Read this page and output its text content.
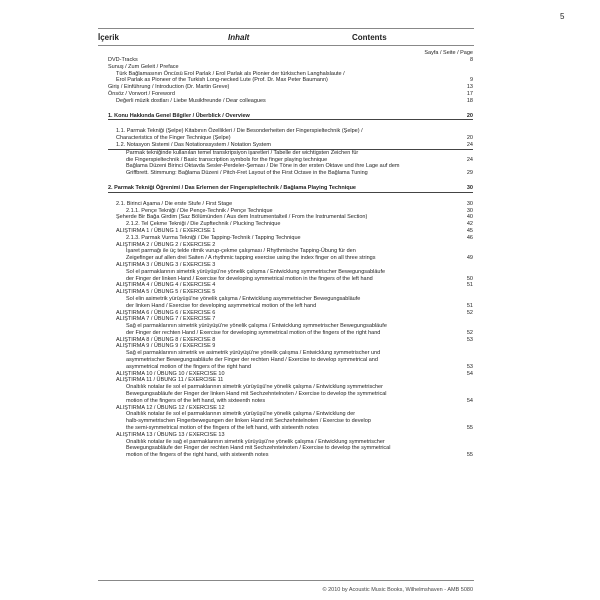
5
İçerik	Inhalt	Contents
Sayfa / Seite / Page
DVD-Tracks	8
Sunuş / Zum Geleit / Preface
Türk Bağlamasının Öncüsü Erol Parlak / Erol Parlak als Pionier der türkischen Langhalslaute /
Erol Parlak as Pioneer of the Turkish Long-necked Lute (Prof. Dr. Max Peter Baumann)	9
Giriş / Einführung / Introduction (Dr. Martin Greve)	13
Önsöz / Vorwort / Foreword	17
Değerli müzik dostları / Liebe Musikfreunde / Dear colleagues	18
1. Konu Hakkında Genel Bilgiler / Überblick / Overview	20
1.1. Parmak Tekniği (Şelpe) Kitabının Özellikleri / Die Besonderheiten der Fingerspieltechnik (Şelpe) /
Characteristics of the Finger Technique (Şelpe)	20
1.2. Notasyon Sistemi / Das Notationssystem / Notation System	24
Parmak tekniğinde kullanılan temel transkripsiyon işaretleri / Tabelle der wichtigsten Zeichen für
die Fingerspieltechnik / Basic transcription symbols for the finger playing technique	24
Bağlama Düzeni Birinci Oktavda Sesler-Perdeler-Şeması / Die Töne in der ersten Oktave und ihre Lage auf dem
Griffbrett. Stimmung: Bağlama Düzeni / Pitch-Fret Layout of the First Octave in the Bağlama Tuning	29
2. Parmak Tekniği Öğrenimi / Das Erlernen der Fingerspieltechnik / Bağlama Playing Technique	30
2.1. Birinci Aşama / Die erste Stufe / First Stage	30
2.1.1. Pençe Tekniği / Die Pençe-Technik / Pençe Technique	30
Şeherde Bir Bağa Girdim (Saz Bölümünden / Aus dem Instrumentalteil / From the Instrumental Section)	40
2.1.2. Tel Çekme Tekniği / Die Zupftechnik / Plucking Technique	42
ALIŞTIRMA 1 / ÜBUNG 1 / EXERCISE 1	45
2.1.3. Parmak Vurma Tekniği / Die Tapping-Technik / Tapping Technique	46
ALIŞTIRMA 2 / ÜBUNG 2 / EXERCISE 2
İşaret parmağı ile üç telde ritmik vurup-çekme çalışması / Rhythmische Tapping-Übung für den
Zeigefinger auf allen drei Saiten / A rhythmic tapping exercise using the index finger on all three strings	49
ALIŞTIRMA 3 / ÜBUNG 3 / EXERCISE 3
Sol el parmaklarının simetrik yürüyüşü'ne yönelik çalışma / Entwicklung symmetrischer Bewegungsabläufe
der Finger der linken Hand / Exercise for developing symmetrical motion in the fingers of the left hand	50
ALIŞTIRMA 4 / ÜBUNG 4 / EXERCISE 4	51
ALIŞTIRMA 5 / ÜBUNG 5 / EXERCISE 5
Sol elin asimetrik yürüyüşü'ne yönelik çalışma / Entwicklung asymmetrischer Bewegungsabläufe
der linken Hand / Exercise for developing asymmetrical motion of the left hand	51
ALIŞTIRMA 6 / ÜBUNG 6 / EXERCISE 6	52
ALIŞTIRMA 7 / ÜBUNG 7 / EXERCISE 7
Sağ el parmaklarının simetrik yürüyüşü'ne yönelik çalışma / Entwicklung symmetrischer Bewegungsabläufe
der Finger der rechten Hand / Exercise for developing symmetrical motion of the fingers of the right hand	52
ALIŞTIRMA 8 / ÜBUNG 8 / EXERCISE 8	53
ALIŞTIRMA 9 / ÜBUNG 9 / EXERCISE 9
Sağ el parmaklarının simetrik ve asimetrik yürüyüşü'ne yönelik çalışma / Entwicklung symmetrischer und
asymmetrischer Bewegungsabläufe der Finger der rechten Hand / Exercise to develop symmetrical and
asymmetrical motion of the fingers of the right hand	53
ALIŞTIRMA 10 / ÜBUNG 10 / EXERCISE 10	54
ALIŞTIRMA 11 / ÜBUNG 11 / EXERCISE 11
Onaltılık notalar ile sol el parmaklarının simetrik yürüyüşü'ne yönelik çalışma / Entwicklung symmetrischer
Bewegungsabläufe der Finger der linken Hand mit Sechzehntelnoten / Exercise to develop the symmetrical
motion of the fingers of the left hand, with sixteenth notes	54
ALIŞTIRMA 12 / ÜBUNG 12 / EXERCISE 12
Onaltılık notalar ile sol el parmaklarının simetrik yürüyüşü'ne yönelik çalışma / Entwicklung der
halb-symmetrischen Fingerbewegungen der linken Hand mit Sechzehntelnoten / Exercise to develop
the semi-symmetrical motion of the fingers of the left hand, with sixteenth notes	55
ALIŞTIRMA 13 / ÜBUNG 13 / EXERCISE 13
Onaltılık notalar ile sağ el parmaklarının simetrik yürüyüşü'ne yönelik çalışma / Entwicklung symmetrischer
Bewegungsabläufe der Finger der rechten Hand mit Sechzehntelnoten / Exercise to develop the symmetrical
motion of the fingers of the right hand, with sixteenth notes	55
© 2010 by Acoustic Music Books, Wilhelmshaven - AMB 5080
